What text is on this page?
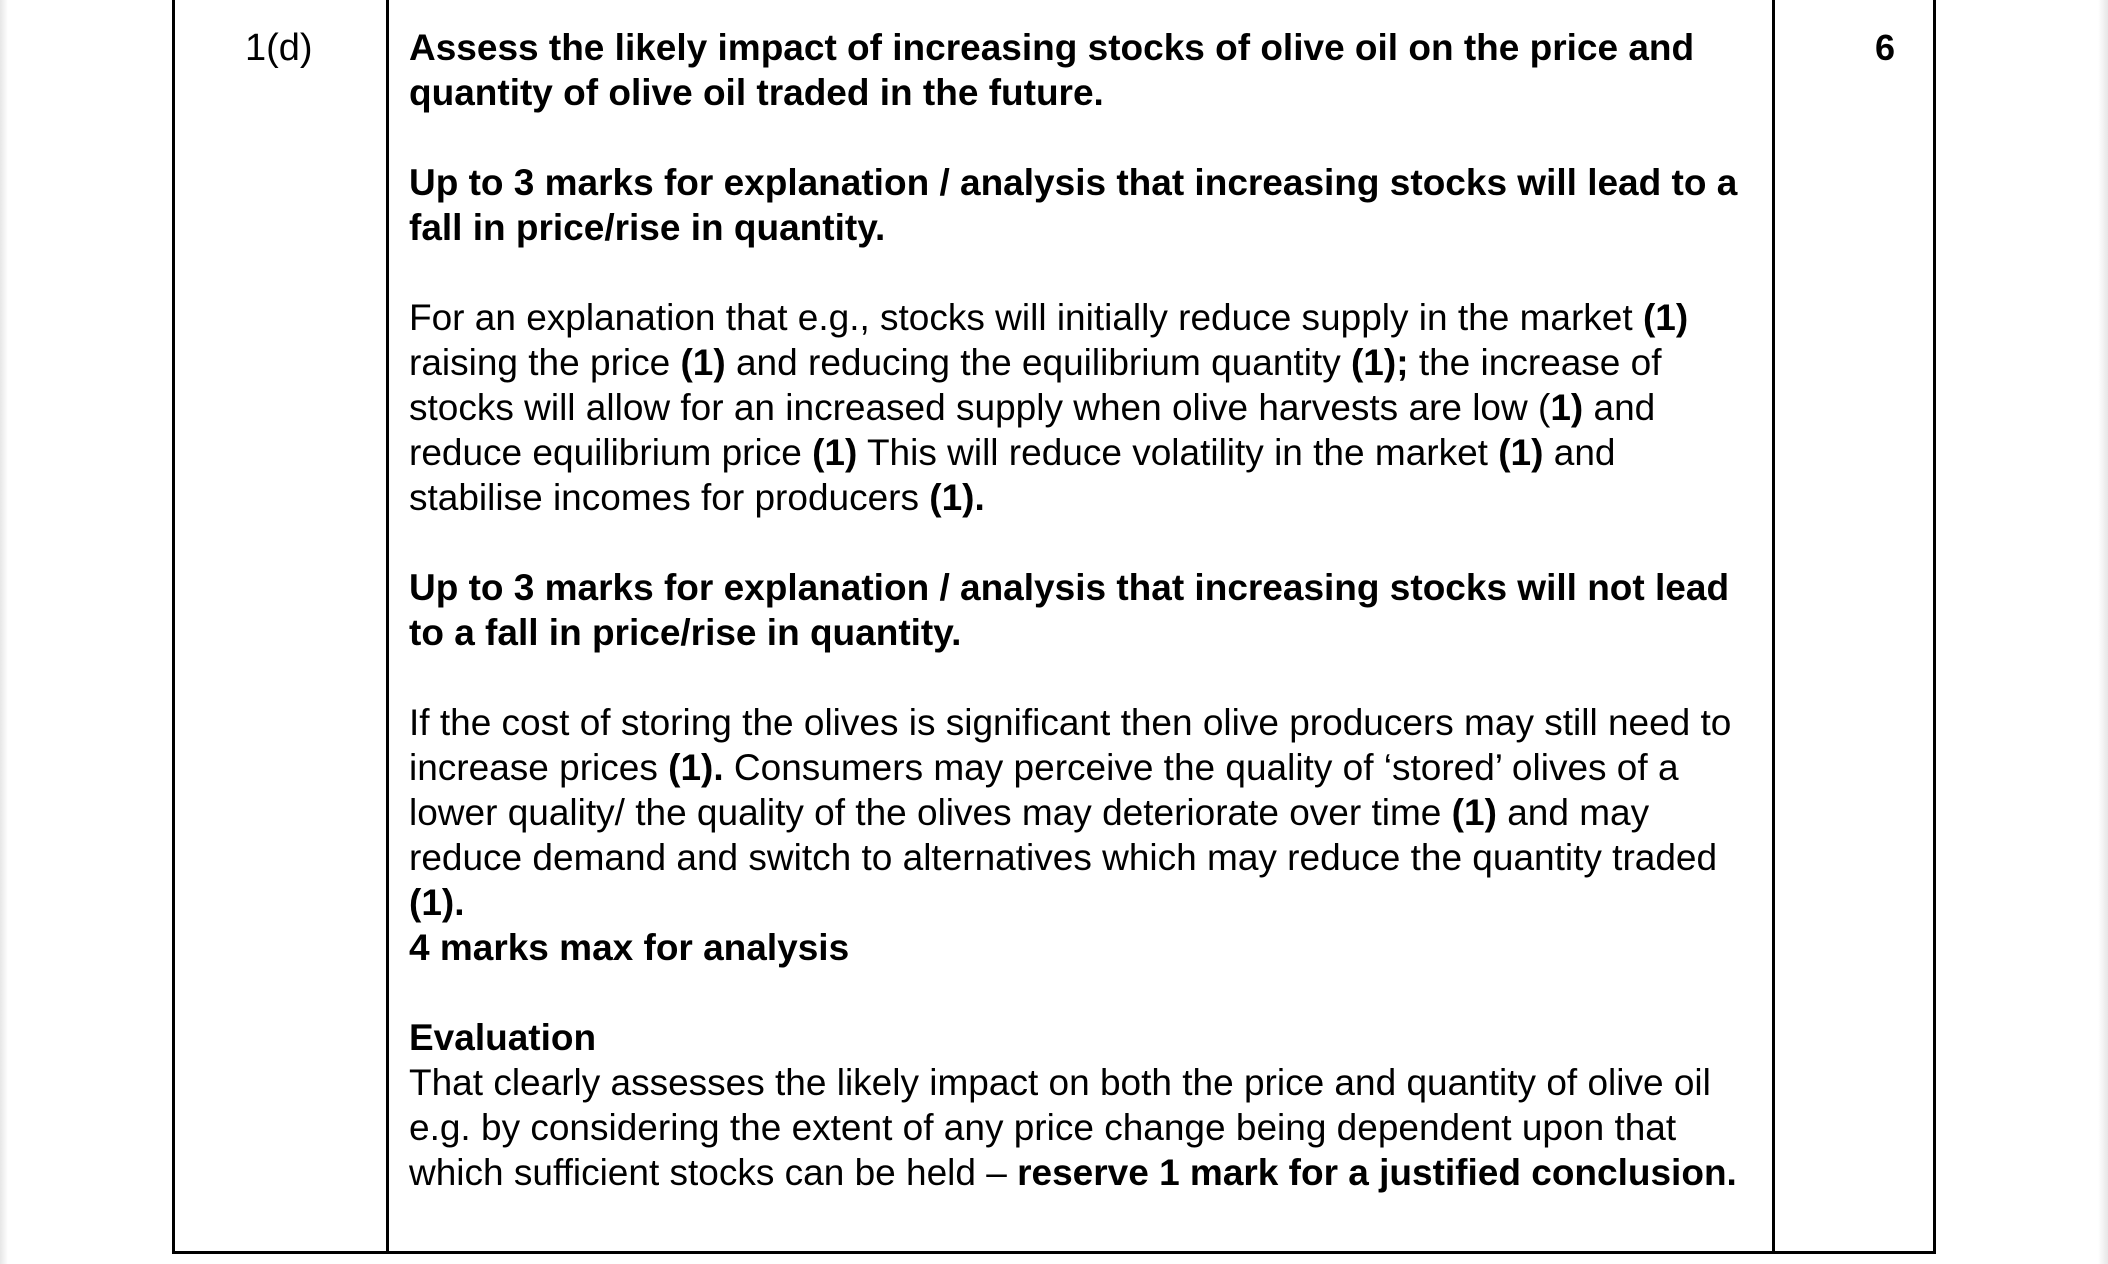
1(d)	6

Assess the likely impact of increasing stocks of olive oil on the price and quantity of olive oil traded in the future.

Up to 3 marks for explanation / analysis that increasing stocks will lead to a fall in price/rise in quantity.

For an explanation that e.g., stocks will initially reduce supply in the market (1) raising the price (1) and reducing the equilibrium quantity (1); the increase of stocks will allow for an increased supply when olive harvests are low (1) and reduce equilibrium price (1) This will reduce volatility in the market (1) and stabilise incomes for producers (1).

Up to 3 marks for explanation / analysis that increasing stocks will not lead to a fall in price/rise in quantity.

If the cost of storing the olives is significant then olive producers may still need to increase prices (1). Consumers may perceive the quality of ‘stored’ olives of a lower quality/ the quality of the olives may deteriorate over time (1) and may reduce demand and switch to alternatives which may reduce the quantity traded (1).

4 marks max for analysis

Evaluation

That clearly assesses the likely impact on both the price and quantity of olive oil e.g. by considering the extent of any price change being dependent upon that which sufficient stocks can be held – reserve 1 mark for a justified conclusion.
